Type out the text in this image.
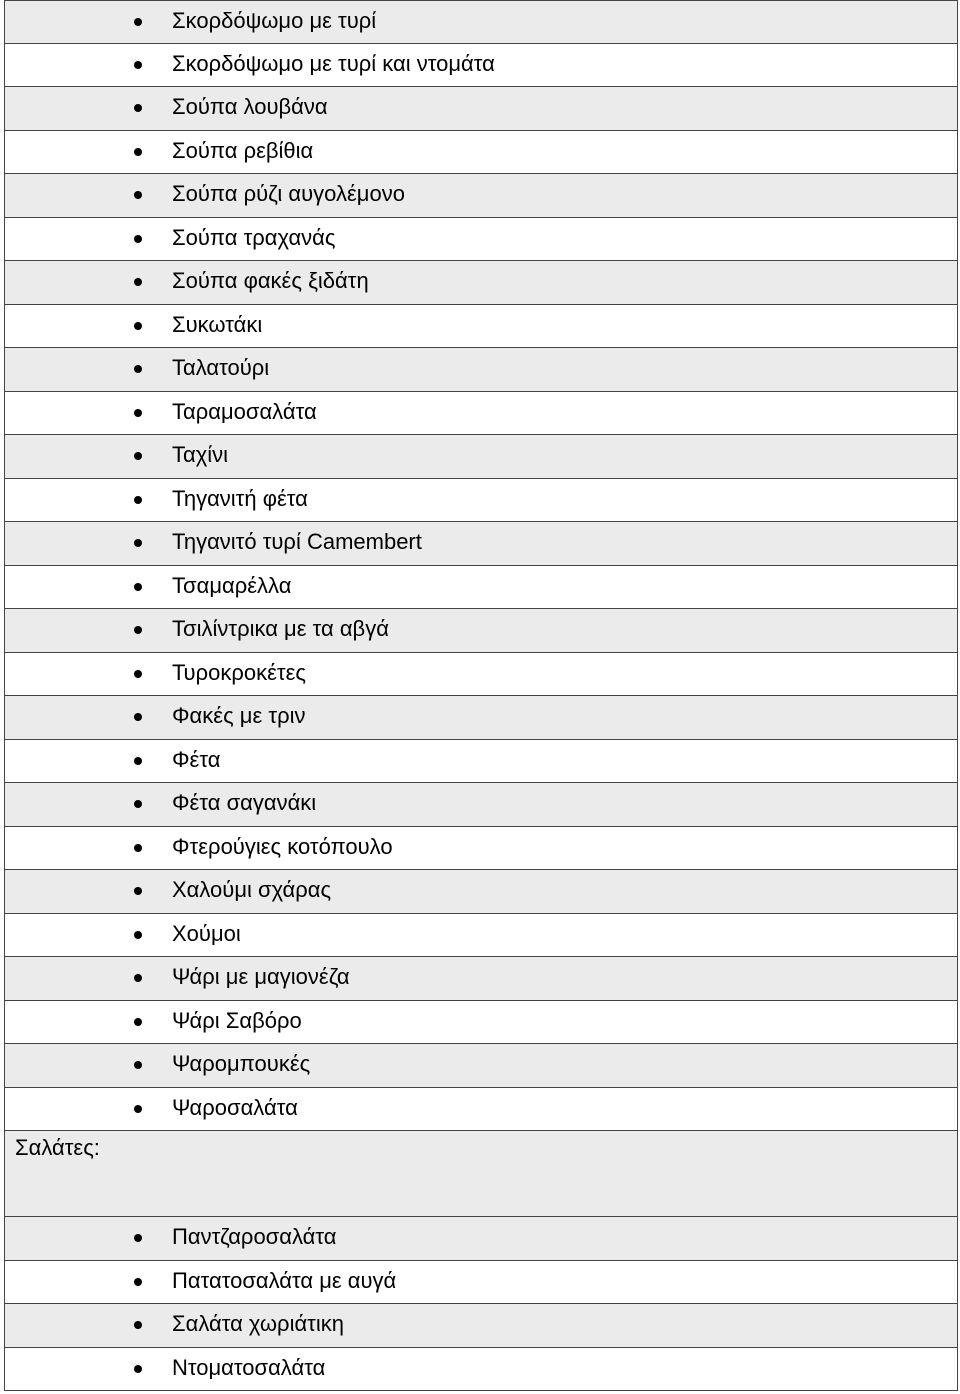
Σκορδόψωμο με τυρί
Σκορδόψωμο με τυρί και ντομάτα
Σούπα λουβάνα
Σούπα ρεβίθια
Σούπα ρύζι αυγολέμονο
Σούπα τραχανάς
Σούπα φακές ξιδάτη
Συκωτάκι
Ταλατούρι
Ταραμοσαλάτα
Ταχίνι
Τηγανιτή φέτα
Τηγανιτό τυρί Camembert
Τσαμαρέλλα
Τσιλίντρικα με τα αβγά
Τυροκροκέτες
Φακές με τριν
Φέτα
Φέτα σαγανάκι
Φτερούγιες κοτόπουλο
Χαλούμι σχάρας
Χούμοι
Ψάρι με μαγιονέζα
Ψάρι Σαβόρο
Ψαρομπουκές
Ψαροσαλάτα
Σαλάτες:
Παντζαροσαλάτα
Πατατοσαλάτα με αυγά
Σαλάτα χωριάτικη
Ντοματοσαλάτα
